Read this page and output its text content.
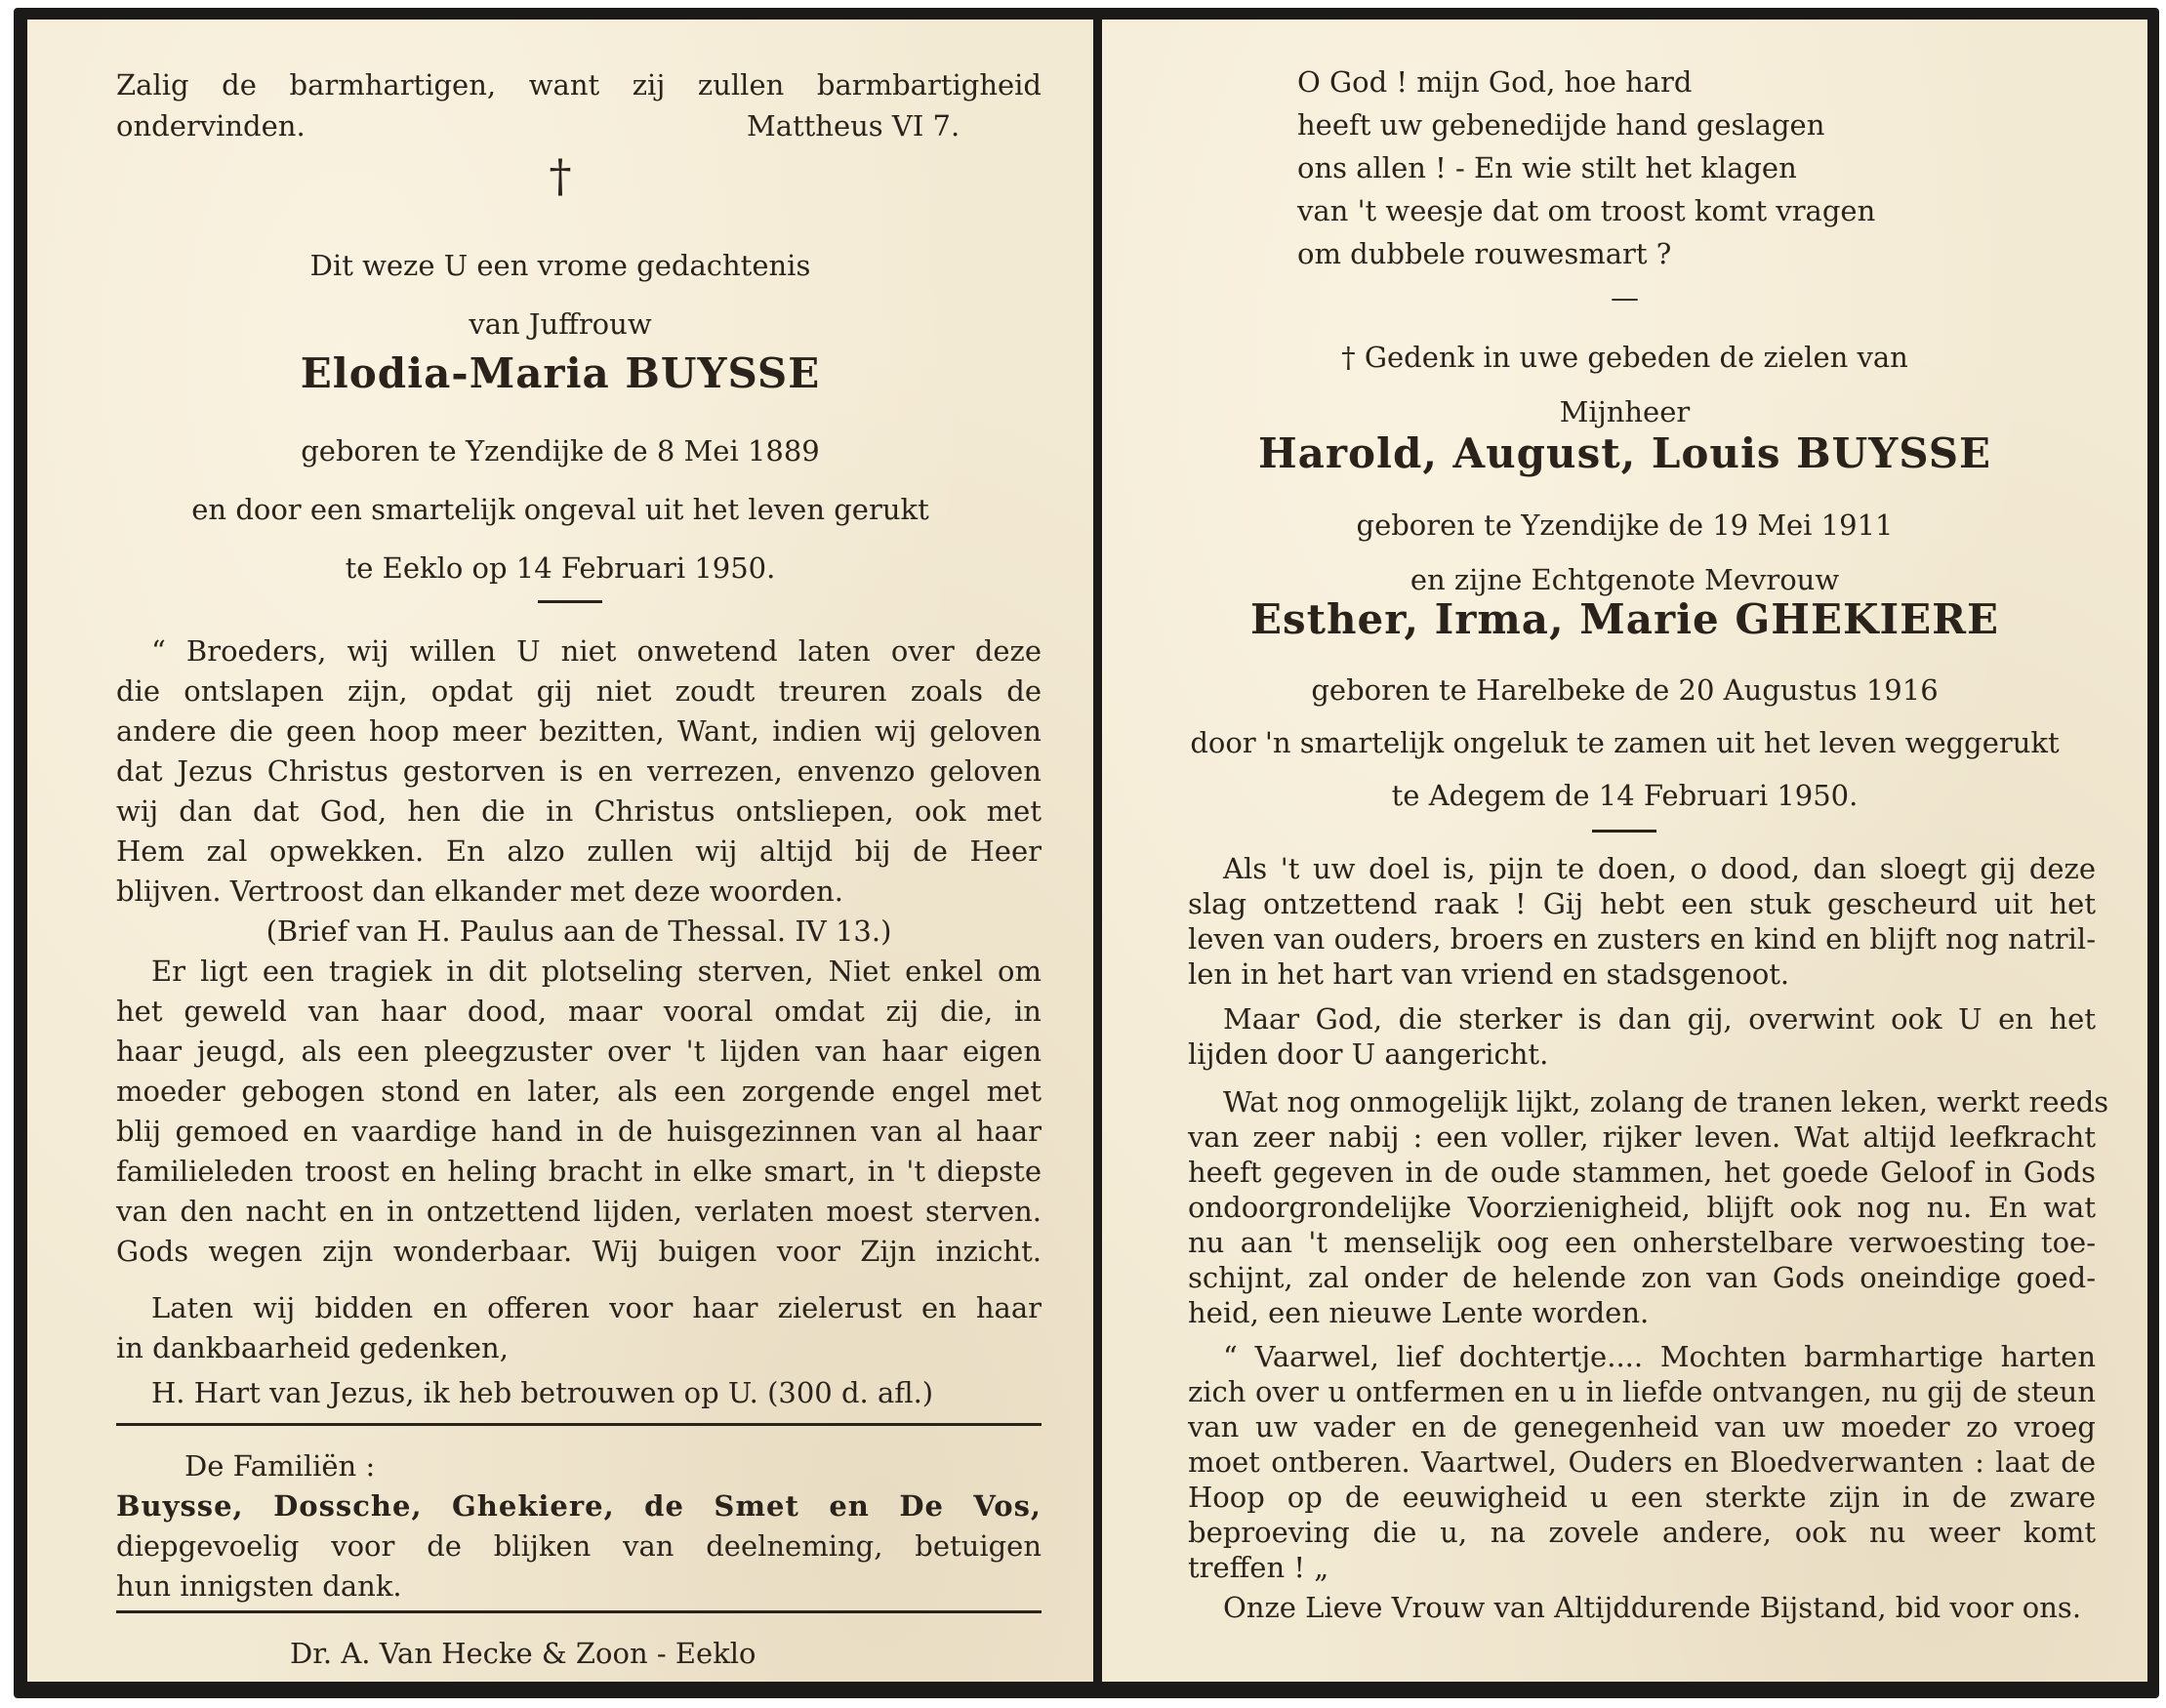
Zalig de barmhartigen, want zij zullen barmbartigheid
ondervinden.	Mattheus VI 7.
†
Dit weze U een vrome gedachtenis
van Juffrouw
Elodia-Maria BUYSSE
geboren te Yzendijke de 8 Mei 1889
en door een smartelijk ongeval uit het leven gerukt
te Eeklo op 14 Februari 1950.
“ Broeders, wij willen U niet onwetend laten over deze
die ontslapen zijn, opdat gij niet zoudt treuren zoals de
andere die geen hoop meer bezitten, Want, indien wij geloven
dat Jezus Christus gestorven is en verrezen, envenzo geloven
wij dan dat God, hen die in Christus ontsliepen, ook met
Hem zal opwekken. En alzo zullen wij altijd bij de Heer
blijven. Vertroost dan elkander met deze woorden.
(Brief van H. Paulus aan de Thessal. IV 13.)
Er ligt een tragiek in dit plotseling sterven, Niet enkel om
het geweld van haar dood, maar vooral omdat zij die, in
haar jeugd, als een pleegzuster over 't lijden van haar eigen
moeder gebogen stond en later, als een zorgende engel met
blij gemoed en vaardige hand in de huisgezinnen van al haar
familieleden troost en heling bracht in elke smart, in 't diepste
van den nacht en in ontzettend lijden, verlaten moest sterven.
Gods wegen zijn wonderbaar. Wij buigen voor Zijn inzicht.
Laten wij bidden en offeren voor haar zielerust en haar
in dankbaarheid gedenken,
H. Hart van Jezus, ik heb betrouwen op U. (300 d. afl.)
De Familiën :
Buysse, Dossche, Ghekiere, de Smet en De Vos,
diepgevoelig voor de blijken van deelneming, betuigen
hun innigsten dank.
Dr. A. Van Hecke & Zoon - Eeklo
O God ! mijn God, hoe hard
heeft uw gebenedijde hand geslagen
ons allen ! - En wie stilt het klagen
van 't weesje dat om troost komt vragen
om dubbele rouwesmart ?
—
† Gedenk in uwe gebeden de zielen van
Mijnheer
Harold, August, Louis BUYSSE
geboren te Yzendijke de 19 Mei 1911
en zijne Echtgenote Mevrouw
Esther, Irma, Marie GHEKIERE
geboren te Harelbeke de 20 Augustus 1916
door 'n smartelijk ongeluk te zamen uit het leven weggerukt
te Adegem de 14 Februari 1950.
Als 't uw doel is, pijn te doen, o dood, dan sloegt gij deze
slag ontzettend raak ! Gij hebt een stuk gescheurd uit het
leven van ouders, broers en zusters en kind en blijft nog natril-
len in het hart van vriend en stadsgenoot.
Maar God, die sterker is dan gij, overwint ook U en het
lijden door U aangericht.
Wat nog onmogelijk lijkt, zolang de tranen leken, werkt reeds
van zeer nabij : een voller, rijker leven. Wat altijd leefkracht
heeft gegeven in de oude stammen, het goede Geloof in Gods
ondoorgrondelijke Voorzienigheid, blijft ook nog nu. En wat
nu aan 't menselijk oog een onherstelbare verwoesting toe-
schijnt, zal onder de helende zon van Gods oneindige goed-
heid, een nieuwe Lente worden.
“ Vaarwel, lief dochtertje.... Mochten barmhartige harten
zich over u ontfermen en u in liefde ontvangen, nu gij de steun
van uw vader en de genegenheid van uw moeder zo vroeg
moet ontberen. Vaartwel, Ouders en Bloedverwanten : laat de
Hoop op de eeuwigheid u een sterkte zijn in de zware
beproeving die u, na zovele andere, ook nu weer komt
treffen ! „
Onze Lieve Vrouw van Altijddurende Bijstand, bid voor ons.
